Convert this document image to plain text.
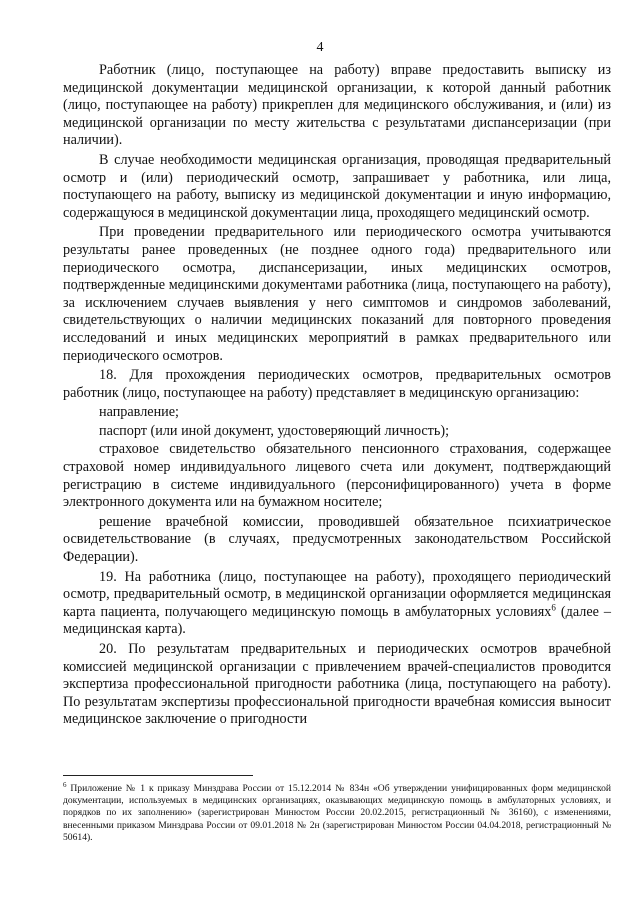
4

Работник (лицо, поступающее на работу) вправе предоставить выписку из медицинской документации медицинской организации, к которой данный работник (лицо, поступающее на работу) прикреплен для медицинского обслуживания, и (или) из медицинской организации по месту жительства с результатами диспансеризации (при наличии).

В случае необходимости медицинская организация, проводящая предварительный осмотр и (или) периодический осмотр, запрашивает у работника, или лица, поступающего на работу, выписку из медицинской документации и иную информацию, содержащуюся в медицинской документации лица, проходящего медицинский осмотр.

При проведении предварительного или периодического осмотра учитываются результаты ранее проведенных (не позднее одного года) предварительного или периодического осмотра, диспансеризации, иных медицинских осмотров, подтвержденные медицинскими документами работника (лица, поступающего на работу), за исключением случаев выявления у него симптомов и синдромов заболеваний, свидетельствующих о наличии медицинских показаний для повторного проведения исследований и иных медицинских мероприятий в рамках предварительного или периодического осмотров.

18. Для прохождения периодических осмотров, предварительных осмотров работник (лицо, поступающее на работу) представляет в медицинскую организацию:

направление;

паспорт (или иной документ, удостоверяющий личность);

страховое свидетельство обязательного пенсионного страхования, содержащее страховой номер индивидуального лицевого счета или документ, подтверждающий регистрацию в системе индивидуального (персонифицированного) учета в форме электронного документа или на бумажном носителе;

решение врачебной комиссии, проводившей обязательное психиатрическое освидетельствование (в случаях, предусмотренных законодательством Российской Федерации).

19. На работника (лицо, поступающее на работу), проходящего периодический осмотр, предварительный осмотр, в медицинской организации оформляется медицинская карта пациента, получающего медицинскую помощь в амбулаторных условиях$^6$ (далее – медицинская карта).

20. По результатам предварительных и периодических осмотров врачебной комиссией медицинской организации с привлечением врачей-специалистов проводится экспертиза профессиональной пригодности работника (лица, поступающего на работу). По результатам экспертизы профессиональной пригодности врачебная комиссия выносит медицинское заключение о пригодности

$^6$ Приложение № 1 к приказу Минздрава России от 15.12.2014 № 834н «Об утверждении унифицированных форм медицинской документации, используемых в медицинских организациях, оказывающих медицинскую помощь в амбулаторных условиях, и порядков по их заполнению» (зарегистрирован Минюстом России 20.02.2015, регистрационный № 36160), с изменениями, внесенными приказом Минздрава России от 09.01.2018 № 2н (зарегистрирован Минюстом России 04.04.2018, регистрационный № 50614).
